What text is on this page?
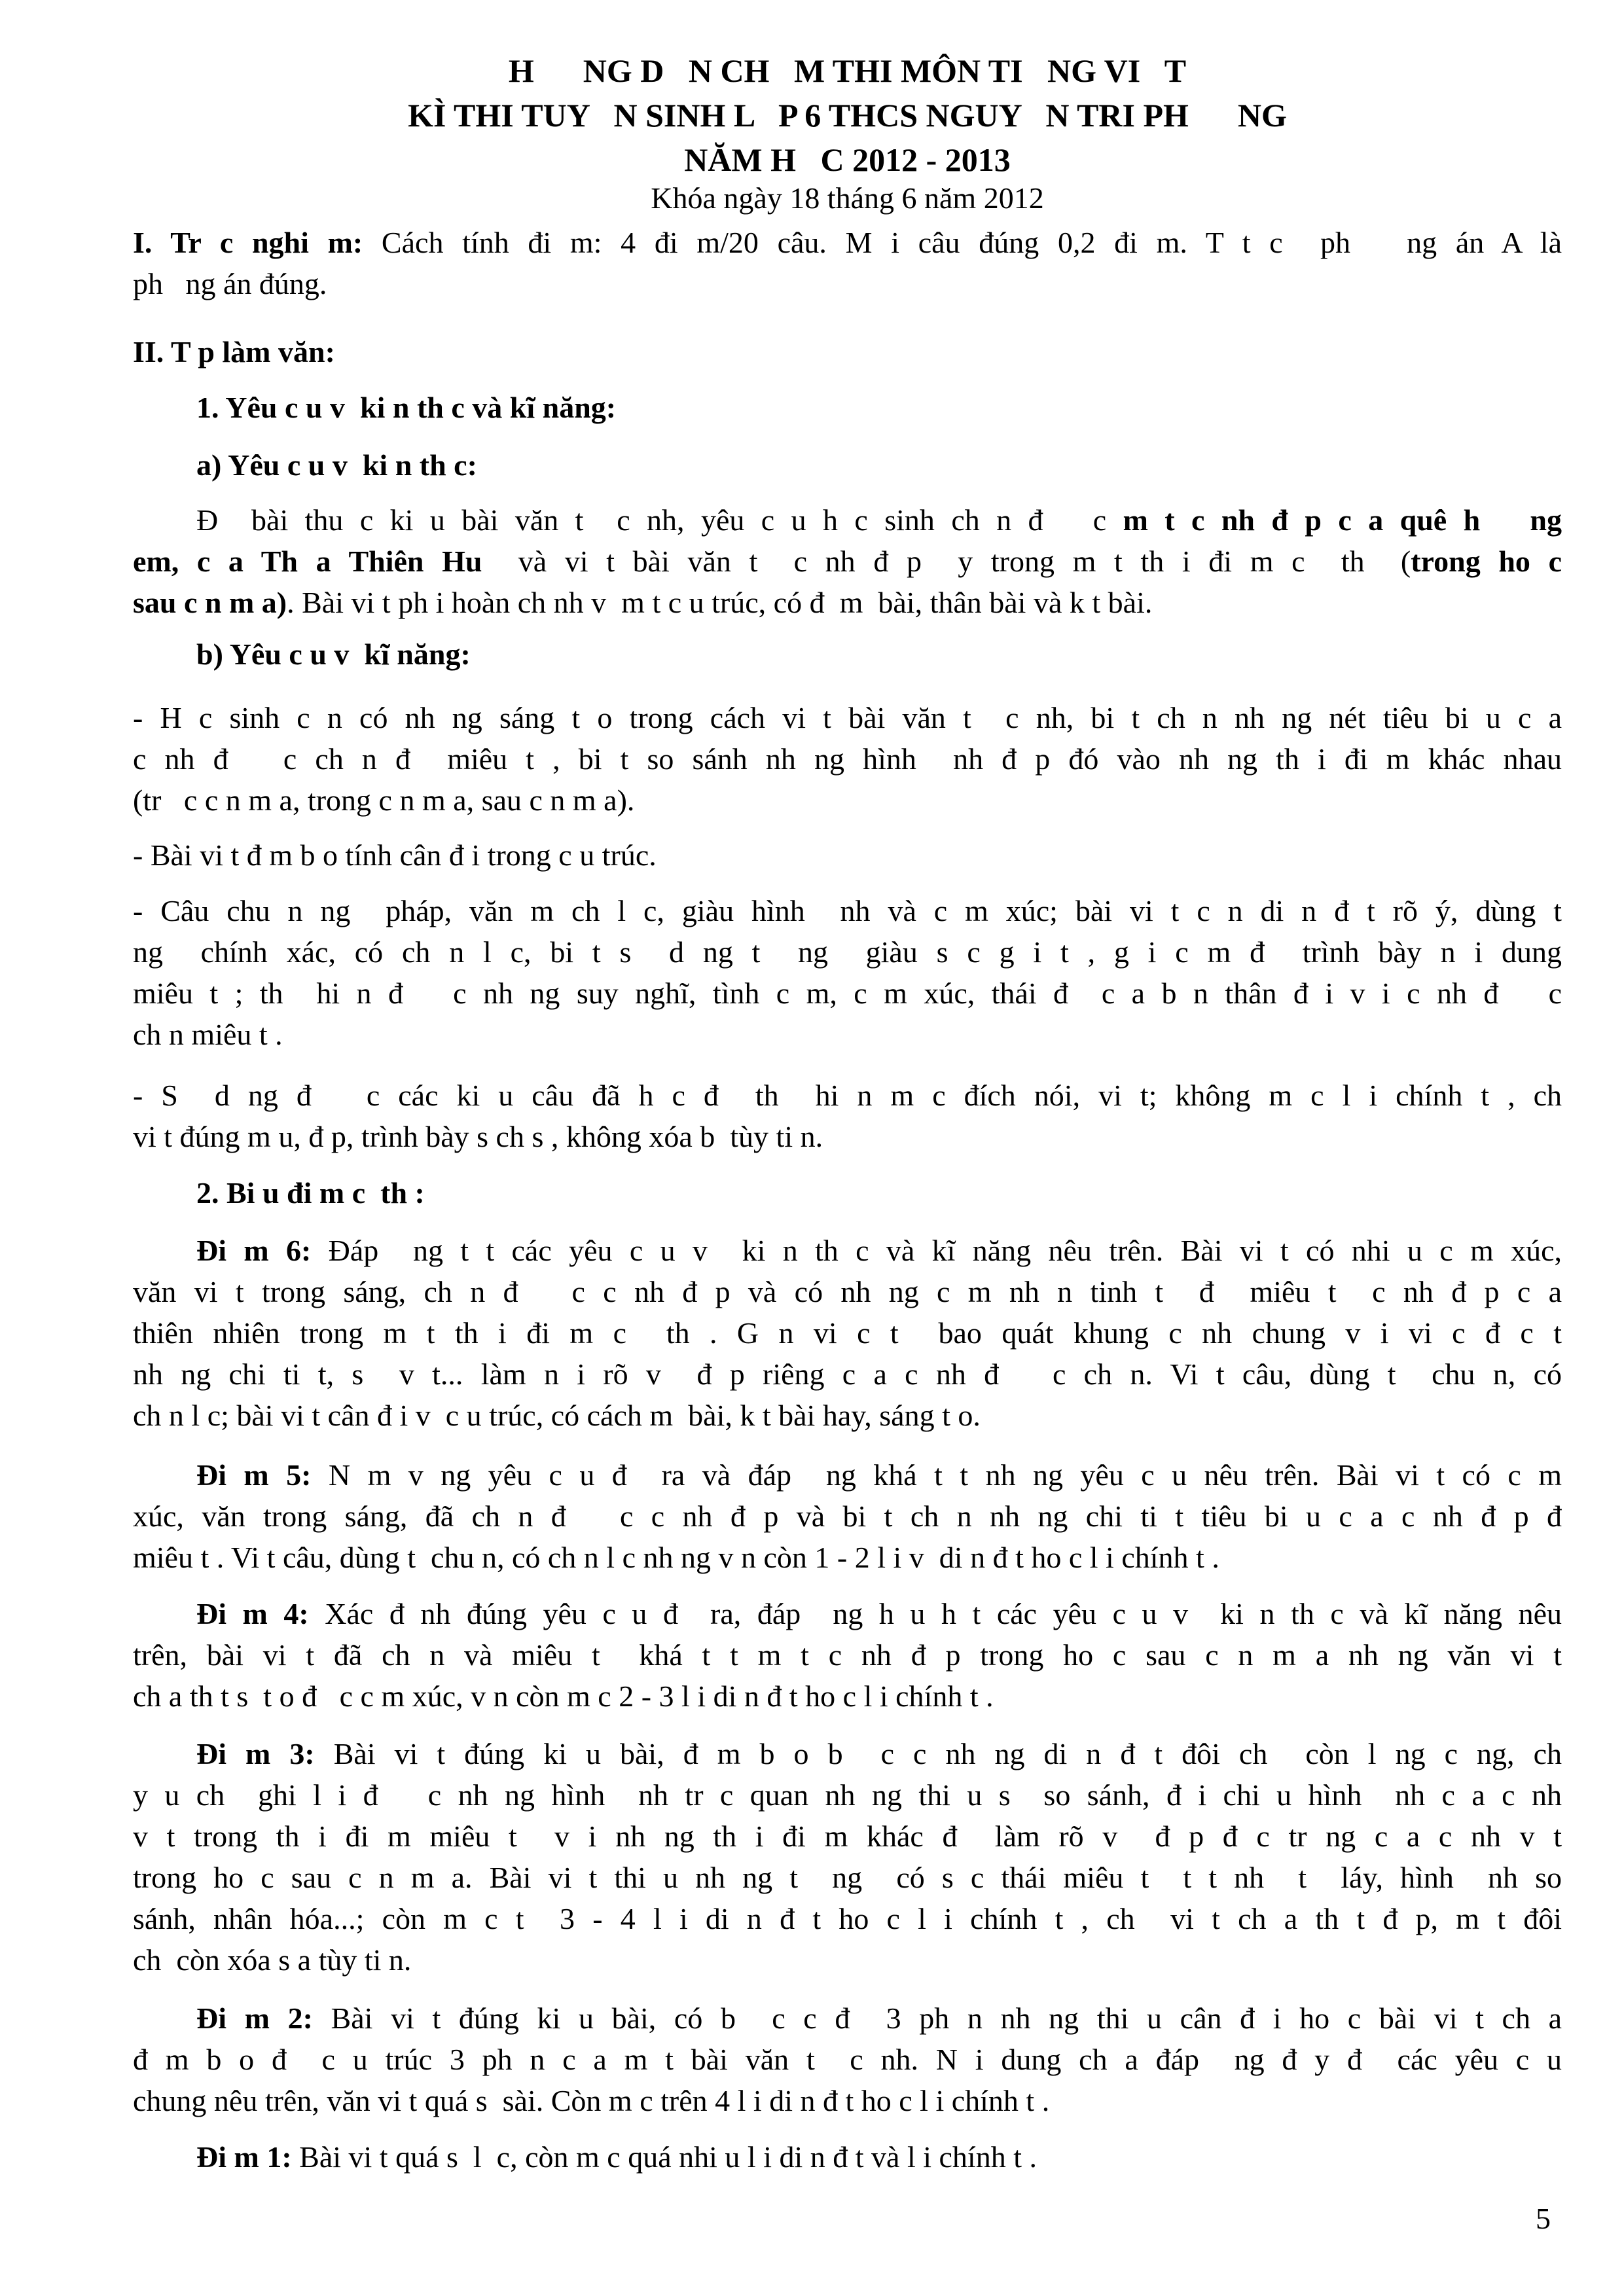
H      NG D   N CH   M THI MÔN TI   NG VI   T
KÌ THI TUY   N SINH L   P 6 THCS NGUY   N TRI PH      NG
NĂM H   C 2012 - 2013
Khóa ngày 18 tháng 6 năm 2012
I. Tr c nghi m: Cách tính đi m: 4 đi m/20 câu. M i câu đúng 0,2 đi m. T t c  ph   ng án A là
ph   ng án đúng.
II. T p làm văn:
1. Yêu c u v  ki n th c và kĩ năng:
a) Yêu c u v  ki n th c:
Đ  bài thu c ki u bài văn t  c nh, yêu c u h c sinh ch n đ   c m t c nh đ p c a quê h   ng
em, c a Th a Thiên Hu  và vi t bài văn t  c nh đ p  y trong m t th i đi m c  th  (trong ho c
sau c n m a). Bài vi t ph i hoàn ch nh v  m t c u trúc, có đ  m  bài, thân bài và k t bài.
b) Yêu c u v  kĩ năng:
- H c sinh c n có nh ng sáng t o trong cách vi t bài văn t  c nh, bi t ch n nh ng nét tiêu bi u c a
c nh đ   c ch n đ  miêu t , bi t so sánh nh ng hình  nh đ p đó vào nh ng th i đi m khác nhau
(tr   c c n m a, trong c n m a, sau c n m a).
- Bài vi t đ m b o tính cân đ i trong c u trúc.
- Câu chu n ng  pháp, văn m ch l c, giàu hình  nh và c m xúc; bài vi t c n di n đ t rõ ý, dùng t
ng  chính xác, có ch n l c, bi t s  d ng t  ng  giàu s c g i t , g i c m đ  trình bày n i dung
miêu t ; th  hi n đ   c nh ng suy nghĩ, tình c m, c m xúc, thái đ  c a b n thân đ i v i c nh đ   c
ch n miêu t .
- S  d ng đ   c các ki u câu đã h c đ  th  hi n m c đích nói, vi t; không m c l i chính t , ch
vi t đúng m u, đ p, trình bày s ch s , không xóa b  tùy ti n.
2. Bi u đi m c  th :
Đi m 6: Đáp  ng t t các yêu c u v  ki n th c và kĩ năng nêu trên. Bài vi t có nhi u c m xúc,
văn vi t trong sáng, ch n đ   c c nh đ p và có nh ng c m nh n tinh t  đ  miêu t  c nh đ p c a
thiên nhiên trong m t th i đi m c  th . G n vi c t  bao quát khung c nh chung v i vi c đ c t
nh ng chi ti t, s  v t... làm n i rõ v  đ p riêng c a c nh đ   c ch n. Vi t câu, dùng t  chu n, có
ch n l c; bài vi t cân đ i v  c u trúc, có cách m  bài, k t bài hay, sáng t o.
Đi m 5: N m v ng yêu c u đ  ra và đáp  ng khá t t nh ng yêu c u nêu trên. Bài vi t có c m
xúc, văn trong sáng, đã ch n đ   c c nh đ p và bi t ch n nh ng chi ti t tiêu bi u c a c nh đ p đ
miêu t . Vi t câu, dùng t  chu n, có ch n l c nh ng v n còn 1 - 2 l i v  di n đ t ho c l i chính t .
Đi m 4: Xác đ nh đúng yêu c u đ  ra, đáp  ng h u h t các yêu c u v  ki n th c và kĩ năng nêu
trên, bài vi t đã ch n và miêu t  khá t t m t c nh đ p trong ho c sau c n m a nh ng văn vi t
ch a th t s  t o đ   c c m xúc, v n còn m c 2 - 3 l i di n đ t ho c l i chính t .
Đi m 3: Bài vi t đúng ki u bài, đ m b o b  c c nh ng di n đ t đôi ch  còn l ng c ng, ch
y u ch  ghi l i đ   c nh ng hình  nh tr c quan nh ng thi u s  so sánh, đ i chi u hình  nh c a c nh
v t trong th i đi m miêu t  v i nh ng th i đi m khác đ  làm rõ v  đ p đ c tr ng c a c nh v t
trong ho c sau c n m a. Bài vi t thi u nh ng t  ng  có s c thái miêu t  t t nh  t  láy, hình  nh so
sánh, nhân hóa...; còn m c t  3 - 4 l i di n đ t ho c l i chính t , ch  vi t ch a th t đ p, m t đôi
ch  còn xóa s a tùy ti n.
Đi m 2: Bài vi t đúng ki u bài, có b  c c đ  3 ph n nh ng thi u cân đ i ho c bài vi t ch a
đ m b o đ  c u trúc 3 ph n c a m t bài văn t  c nh. N i dung ch a đáp  ng đ y đ  các yêu c u
chung nêu trên, văn vi t quá s  sài. Còn m c trên 4 l i di n đ t ho c l i chính t .
Đi m 1: Bài vi t quá s  l  c, còn m c quá nhi u l i di n đ t và l i chính t .
5
